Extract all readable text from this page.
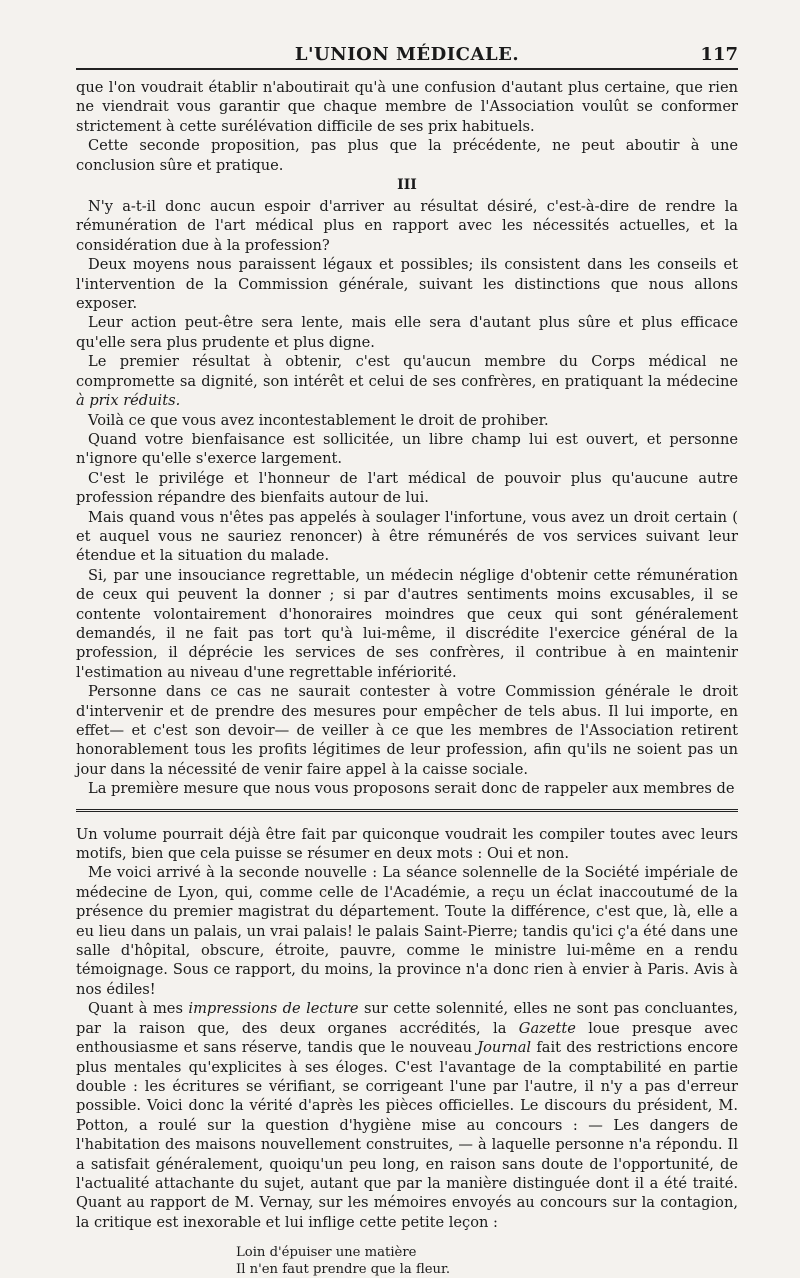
L'UNION MÉDICALE.	117

que l'on voudrait établir n'aboutirait qu'à une confusion d'autant plus certaine, que rien ne viendrait vous garantir que chaque membre de l'Association voulût se conformer strictement à cette surélévation difficile de ses prix habituels.

Cette seconde proposition, pas plus que la précédente, ne peut aboutir à une conclusion sûre et pratique.

III

N'y a-t-il donc aucun espoir d'arriver au résultat désiré, c'est-à-dire de rendre la rémunération de l'art médical plus en rapport avec les nécessités actuelles, et la considération due à la profession?

Deux moyens nous paraissent légaux et possibles; ils consistent dans les conseils et l'intervention de la Commission générale, suivant les distinctions que nous allons exposer.

Leur action peut-être sera lente, mais elle sera d'autant plus sûre et plus efficace qu'elle sera plus prudente et plus digne.

Le premier résultat à obtenir, c'est qu'aucun membre du Corps médical ne compromette sa dignité, son intérêt et celui de ses confrères, en pratiquant la médecine à prix réduits.

Voilà ce que vous avez incontestablement le droit de prohiber.

Quand votre bienfaisance est sollicitée, un libre champ lui est ouvert, et personne n'ignore qu'elle s'exerce largement.

C'est le privilége et l'honneur de l'art médical de pouvoir plus qu'aucune autre profession répandre des bienfaits autour de lui.

Mais quand vous n'êtes pas appelés à soulager l'infortune, vous avez un droit certain ( et auquel vous ne sauriez renoncer) à être rémunérés de vos services suivant leur étendue et la situation du malade.

Si, par une insouciance regrettable, un médecin néglige d'obtenir cette rémunération de ceux qui peuvent la donner ; si par d'autres sentiments moins excusables, il se contente volontairement d'honoraires moindres que ceux qui sont généralement demandés, il ne fait pas tort qu'à lui-même, il discrédite l'exercice général de la profession, il déprécie les services de ses confrères, il contribue à en maintenir l'estimation au niveau d'une regrettable infériorité.

Personne dans ce cas ne saurait contester à votre Commission générale le droit d'intervenir et de prendre des mesures pour empêcher de tels abus. Il lui importe, en effet— et c'est son devoir— de veiller à ce que les membres de l'Association retirent honorablement tous les profits légitimes de leur profession, afin qu'ils ne soient pas un jour dans la nécessité de venir faire appel à la caisse sociale.

La première mesure que nous vous proposons serait donc de rappeler aux membres de

Un volume pourrait déjà être fait par quiconque voudrait les compiler toutes avec leurs motifs, bien que cela puisse se résumer en deux mots : Oui et non.

Me voici arrivé à la seconde nouvelle : La séance solennelle de la Société impériale de médecine de Lyon, qui, comme celle de l'Académie, a reçu un éclat inaccoutumé de la présence du premier magistrat du département. Toute la différence, c'est que, là, elle a eu lieu dans un palais, un vrai palais! le palais Saint-Pierre; tandis qu'ici ç'a été dans une salle d'hôpital, obscure, étroite, pauvre, comme le ministre lui-même en a rendu témoignage. Sous ce rapport, du moins, la province n'a donc rien à envier à Paris. Avis à nos édiles!

Quant à mes impressions de lecture sur cette solennité, elles ne sont pas concluantes, par la raison que, des deux organes accrédités, la Gazette loue presque avec enthousiasme et sans réserve, tandis que le nouveau Journal fait des restrictions encore plus mentales qu'explicites à ses éloges. C'est l'avantage de la comptabilité en partie double : les écritures se vérifiant, se corrigeant l'une par l'autre, il n'y a pas d'erreur possible. Voici donc la vérité d'après les pièces officielles. Le discours du président, M. Potton, a roulé sur la question d'hygiène mise au concours : — Les dangers de l'habitation des maisons nouvellement construites, — à laquelle personne n'a répondu. Il a satisfait généralement, quoiqu'un peu long, en raison sans doute de l'opportunité, de l'actualité attachante du sujet, autant que par la manière distinguée dont il a été traité. Quant au rapport de M. Vernay, sur les mémoires envoyés au concours sur la contagion, la critique est inexorable et lui inflige cette petite leçon :

Loin d'épuiser une matière
Il n'en faut prendre que la fleur.
